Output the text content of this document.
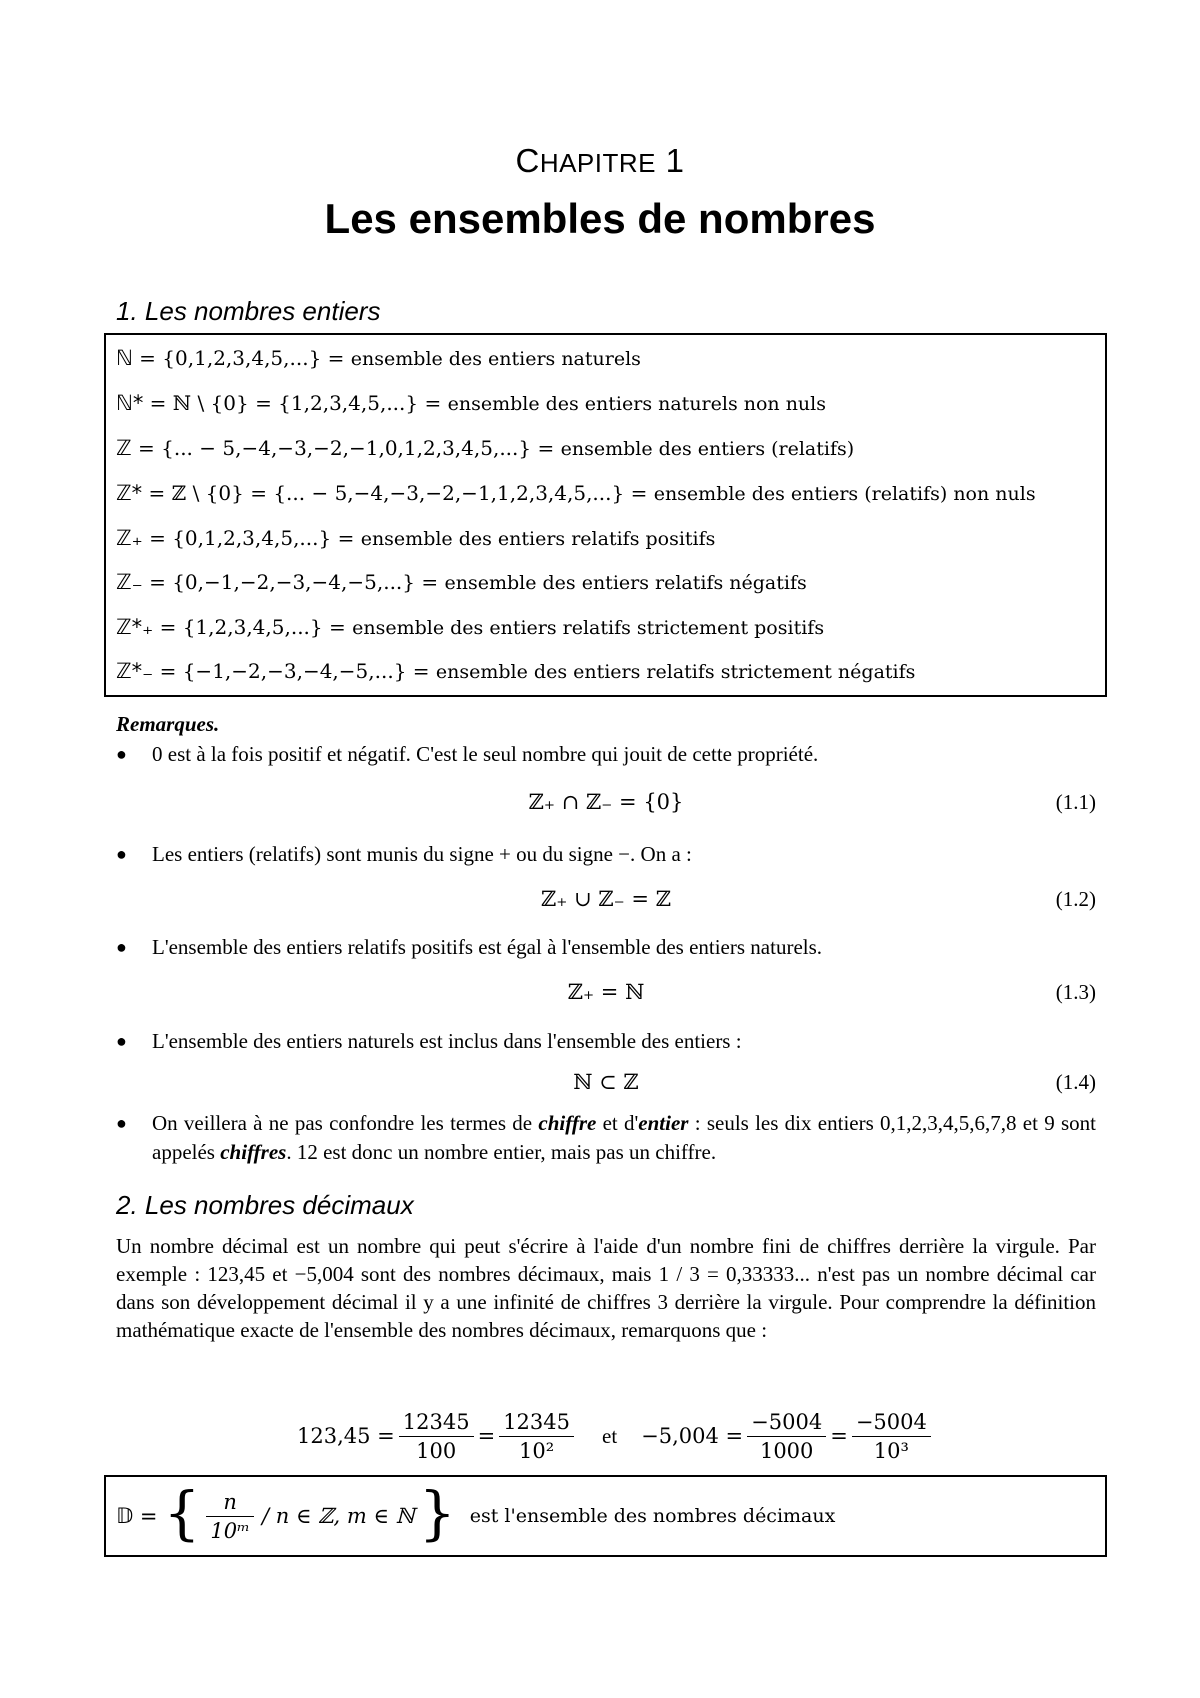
CHAPITRE 1
Les ensembles de nombres
1. Les nombres entiers
ℕ = {0,1,2,3,4,5,...} = ensemble des entiers naturels
ℕ* = ℕ \ {0} = {1,2,3,4,5,...} = ensemble des entiers naturels non nuls
ℤ = {... − 5,−4,−3,−2,−1,0,1,2,3,4,5,...} = ensemble des entiers (relatifs)
ℤ* = ℤ \ {0} = {... − 5,−4,−3,−2,−1,1,2,3,4,5,...} = ensemble des entiers (relatifs) non nuls
ℤ₊ = {0,1,2,3,4,5,...} = ensemble des entiers relatifs positifs
ℤ₋ = {0,−1,−2,−3,−4,−5,...} = ensemble des entiers relatifs négatifs
ℤ*₊ = {1,2,3,4,5,...} = ensemble des entiers relatifs strictement positifs
ℤ*₋ = {−1,−2,−3,−4,−5,...} = ensemble des entiers relatifs strictement négatifs
Remarques.
● 0 est à la fois positif et négatif. C'est le seul nombre qui jouit de cette propriété.
ℤ₊ ∩ ℤ₋ = {0}	(1.1)
● Les entiers (relatifs) sont munis du signe + ou du signe −. On a :
ℤ₊ ∪ ℤ₋ = ℤ	(1.2)
● L'ensemble des entiers relatifs positifs est égal à l'ensemble des entiers naturels.
ℤ₊ = ℕ	(1.3)
● L'ensemble des entiers naturels est inclus dans l'ensemble des entiers :
ℕ ⊂ ℤ	(1.4)
● On veillera à ne pas confondre les termes de chiffre et d'entier : seuls les dix entiers 0,1,2,3,4,5,6,7,8 et 9 sont appelés chiffres. 12 est donc un nombre entier, mais pas un chiffre.
2. Les nombres décimaux
Un nombre décimal est un nombre qui peut s'écrire à l'aide d'un nombre fini de chiffres derrière la virgule. Par exemple : 123,45 et −5,004 sont des nombres décimaux, mais 1 / 3 = 0,33333... n'est pas un nombre décimal car dans son développement décimal il y a une infinité de chiffres 3 derrière la virgule. Pour comprendre la définition mathématique exacte de l'ensemble des nombres décimaux, remarquons que :
$123,45 = \frac{12345}{100} = \frac{12345}{\text{10²}}$ et $-5,004 = \frac{-5004}{1000} = \frac{-5004}{\text{10³}}$
𝔻 = { $\frac{n}{\text{10ᵐ}}$ / n ∈ ℤ, m ∈ ℕ } est l'ensemble des nombres décimaux
